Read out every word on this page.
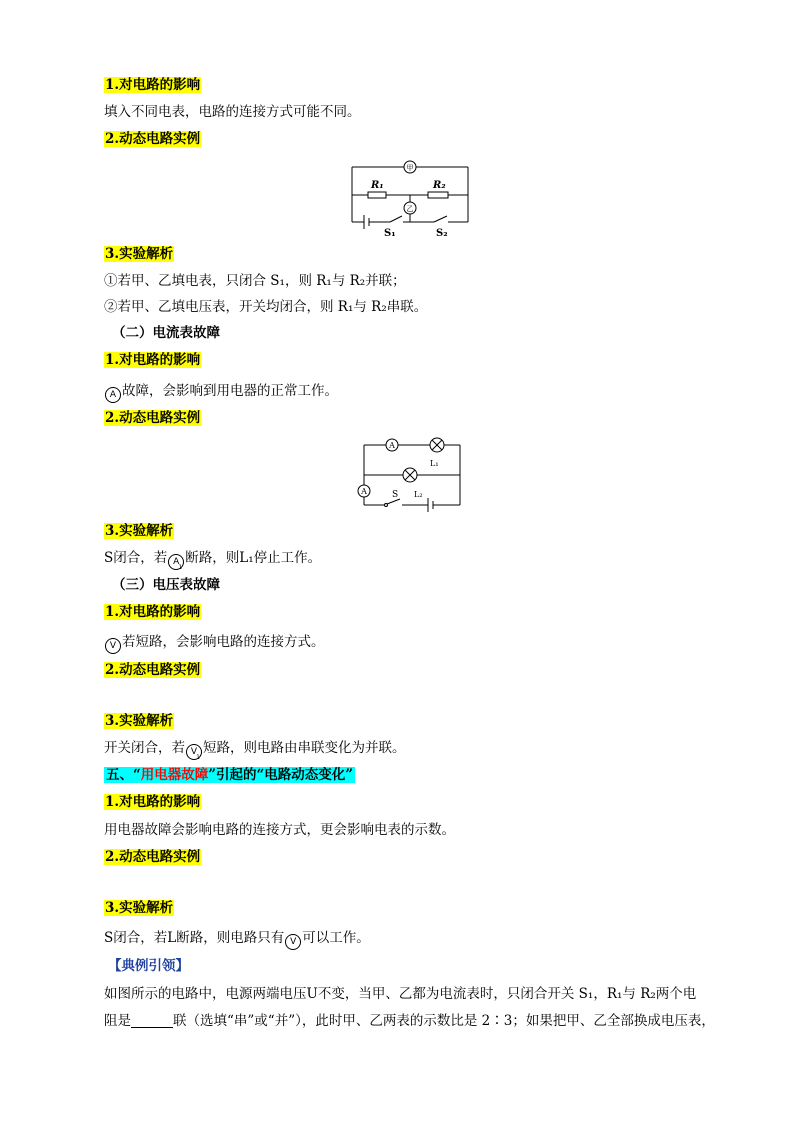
1.对电路的影响
填入不同电表，电路的连接方式可能不同。
2.动态电路实例
甲
R₁	R₂
乙
S₁	S₂
3.实验解析
①若甲、乙填电表，只闭合 S₁，则 R₁与 R₂并联；
②若甲、乙填电压表，开关均闭合，则 R₁与 R₂串联。
（二）电流表故障
1.对电路的影响
A 故障，会影响到用电器的正常工作。
2.动态电路实例
A
L₁
A	S L₂
3.实验解析
S闭合，若 A
1
断路，则L₁停止工作。
（三）电压表故障
1.对电路的影响
V 若短路，会影响电路的连接方式。
2.动态电路实例
3.实验解析
开关闭合，若 V
1
短路，则电路由串联变化为并联。
五、“用电器故障”引起的“电路动态变化”
1.对电路的影响
用电器故障会影响电路的连接方式，更会影响电表的示数。
2.动态电路实例
3.实验解析
S闭合，若L断路，则电路只有 V 可以工作。
【典例引领】
如图所示的电路中，电源两端电压U不变，当甲、乙都为电流表时，只闭合开关 S₁，R₁与 R₂两个电
阻是	联（选填“串”或“并”），此时甲、乙两表的示数比是 2∶3；如果把甲、乙全部换成电压表，
